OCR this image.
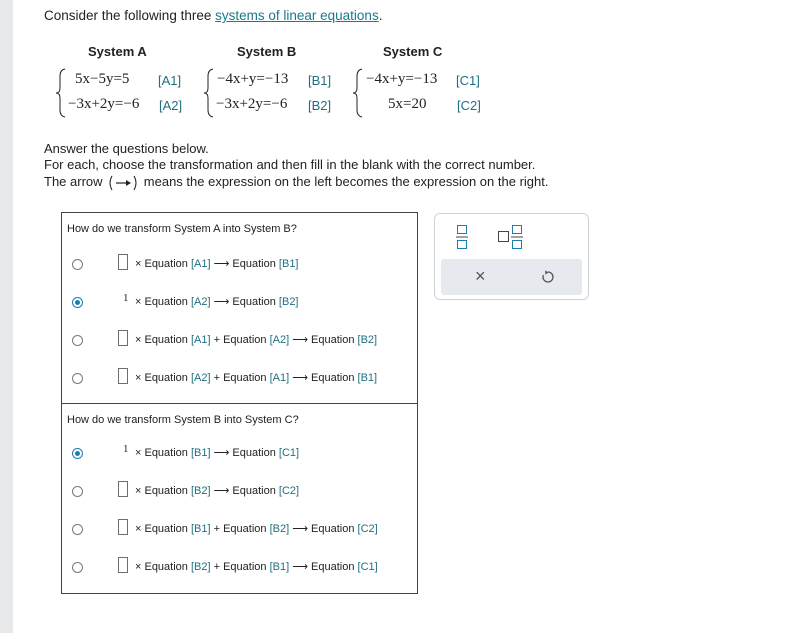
Consider the following three systems of linear equations.
System A
5x−5y=5 [A1]
−3x+2y=−6 [A2]
System B
−4x+y=−13 [B1]
−3x+2y=−6 [B2]
System C
−4x+y=−13 [C1]
5x=20 [C2]
Answer the questions below.
For each, choose the transformation and then fill in the blank with the correct number.
The arrow	means the expression on the left becomes the expression on the right.
How do we transform System A into System B?
× Equation [A1] ⟶ Equation [B1]
1 × Equation [A2] ⟶ Equation [B2]
× Equation [A1] + Equation [A2] ⟶ Equation [B2]
× Equation [A2] + Equation [A1] ⟶ Equation [B1]
How do we transform System B into System C?
1 × Equation [B1] ⟶ Equation [C1]
× Equation [B2] ⟶ Equation [C2]
× Equation [B1] + Equation [B2] ⟶ Equation [C2]
× Equation [B2] + Equation [B1] ⟶ Equation [C1]
×
